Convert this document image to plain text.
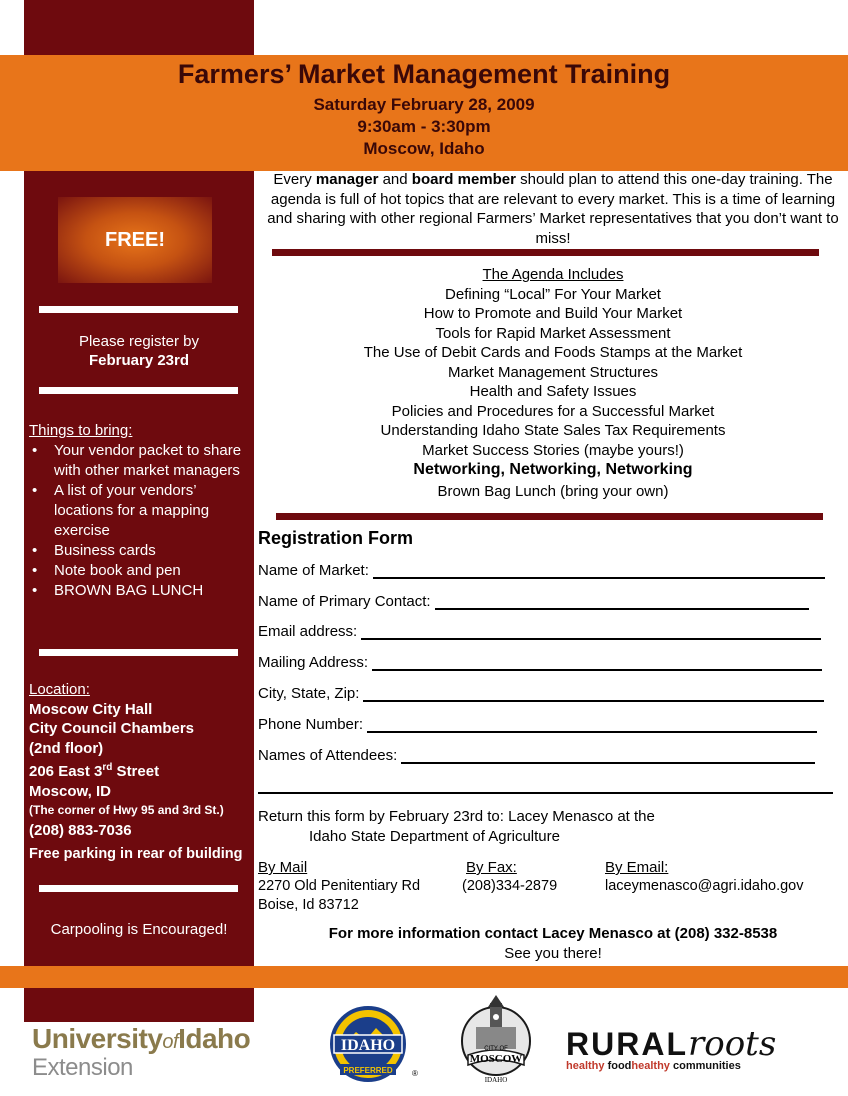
Farmers’ Market Management Training
Saturday February 28, 2009
9:30am - 3:30pm
Moscow, Idaho
FREE!
Please register by
February 23rd
Things to bring:
• Your vendor packet to share with other market managers
• A list of your vendors’ locations for a mapping exercise
• Business cards
• Note book and pen
• BROWN BAG LUNCH
Location:
Moscow City Hall
City Council Chambers
(2nd floor)
206 East 3rd Street
Moscow, ID
(The corner of Hwy 95 and 3rd St.)
(208) 883-7036
Free parking in rear of building
Carpooling is Encouraged!
Every manager and board member should plan to attend this one-day training. The agenda is full of hot topics that are relevant to every market. This is a time of learning and sharing with other regional Farmers’ Market representatives that you don’t want to miss!
The Agenda Includes
Defining “Local” For Your Market
How to Promote and Build Your Market
Tools for Rapid Market Assessment
The Use of Debit Cards and Foods Stamps at the Market
Market Management Structures
Health and Safety Issues
Policies and Procedures for a Successful Market
Understanding Idaho State Sales Tax Requirements
Market Success Stories (maybe yours!)
Networking, Networking, Networking
Brown Bag Lunch (bring your own)
Registration Form
Name of Market:
Name of Primary Contact:
Email address:
Mailing Address:
City, State, Zip:
Phone Number:
Names of Attendees:
Return this form by February 23rd to: Lacey Menasco at the
Idaho State Department of Agriculture
By Mail
2270 Old Penitentiary Rd
Boise, Id 83712
By Fax:
(208)334-2879
By Email:
laceymenasco@agri.idaho.gov
For more information contact Lacey Menasco at (208) 332-8538
See you there!
UniversityofIdaho
Extension
IDAHO
PREFERRED ®
CITY OF
MOSCOW
IDAHO
RURALroots
healthy foodhealthy communities
